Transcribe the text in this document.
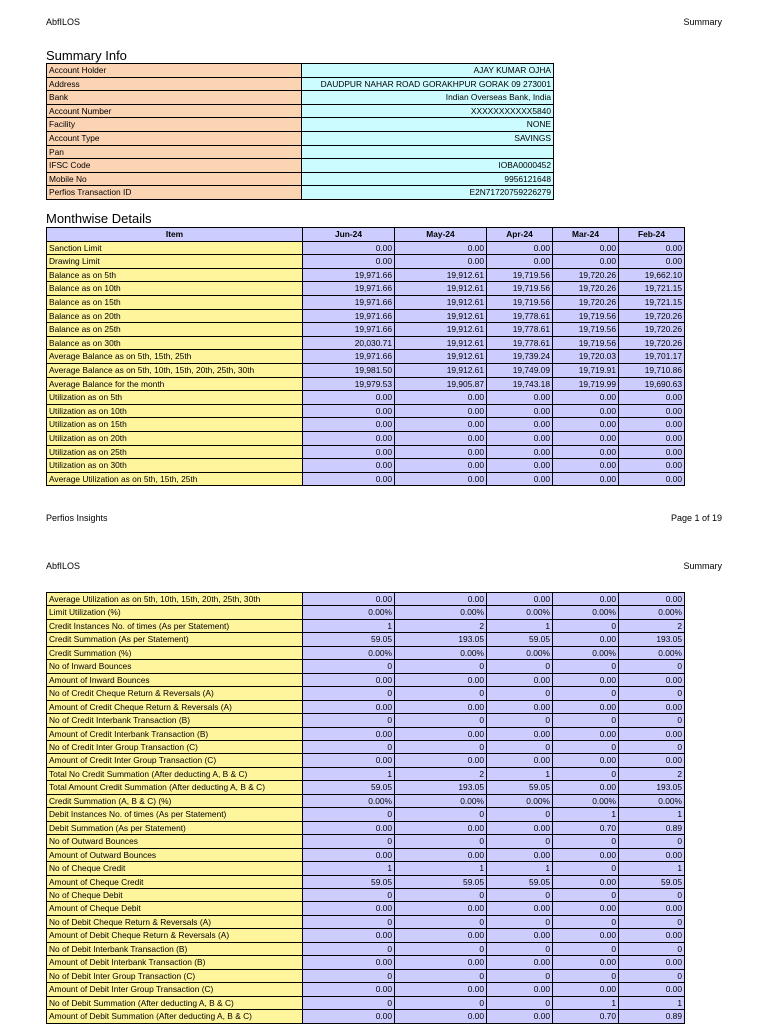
AbfILOS	Summary
Summary Info
Account Holder	AJAY KUMAR OJHA
Address	DAUDPUR NAHAR ROAD GORAKHPUR GORAK 09 273001
Bank	Indian Overseas Bank, India
Account Number	XXXXXXXXXXX5840
Facility	NONE
Account Type	SAVINGS
Pan	
IFSC Code	IOBA0000452
Mobile No	9956121648
Perfios Transaction ID	E2N71720759226279
Monthwise Details
Item	Jun-24	May-24	Apr-24	Mar-24	Feb-24
Sanction Limit	0.00	0.00	0.00	0.00	0.00
Drawing Limit	0.00	0.00	0.00	0.00	0.00
Balance as on 5th	19,971.66	19,912.61	19,719.56	19,720.26	19,662.10
Balance as on 10th	19,971.66	19,912.61	19,719.56	19,720.26	19,721.15
Balance as on 15th	19,971.66	19,912.61	19,719.56	19,720.26	19,721.15
Balance as on 20th	19,971.66	19,912.61	19,778.61	19,719.56	19,720.26
Balance as on 25th	19,971.66	19,912.61	19,778.61	19,719.56	19,720.26
Balance as on 30th	20,030.71	19,912.61	19,778.61	19,719.56	19,720.26
Average Balance as on 5th, 15th, 25th	19,971.66	19,912.61	19,739.24	19,720.03	19,701.17
Average Balance as on 5th, 10th, 15th, 20th, 25th, 30th	19,981.50	19,912.61	19,749.09	19,719.91	19,710.86
Average Balance for the month	19,979.53	19,905.87	19,743.18	19,719.99	19,690.63
Utilization as on 5th	0.00	0.00	0.00	0.00	0.00
Utilization as on 10th	0.00	0.00	0.00	0.00	0.00
Utilization as on 15th	0.00	0.00	0.00	0.00	0.00
Utilization as on 20th	0.00	0.00	0.00	0.00	0.00
Utilization as on 25th	0.00	0.00	0.00	0.00	0.00
Utilization as on 30th	0.00	0.00	0.00	0.00	0.00
Average Utilization as on 5th, 15th, 25th	0.00	0.00	0.00	0.00	0.00
Perfios Insights	Page 1 of 19
AbfILOS	Summary
Average Utilization as on 5th, 10th, 15th, 20th, 25th, 30th	0.00	0.00	0.00	0.00	0.00
Limit Utilization (%)	0.00%	0.00%	0.00%	0.00%	0.00%
Credit Instances No. of times (As per Statement)	1	2	1	0	2
Credit Summation (As per Statement)	59.05	193.05	59.05	0.00	193.05
Credit Summation (%)	0.00%	0.00%	0.00%	0.00%	0.00%
No of Inward Bounces	0	0	0	0	0
Amount of Inward Bounces	0.00	0.00	0.00	0.00	0.00
No of Credit Cheque Return & Reversals (A)	0	0	0	0	0
Amount of Credit Cheque Return & Reversals (A)	0.00	0.00	0.00	0.00	0.00
No of Credit Interbank Transaction (B)	0	0	0	0	0
Amount of Credit Interbank Transaction (B)	0.00	0.00	0.00	0.00	0.00
No of Credit Inter Group Transaction (C)	0	0	0	0	0
Amount of Credit Inter Group Transaction (C)	0.00	0.00	0.00	0.00	0.00
Total No Credit Summation (After deducting A, B & C)	1	2	1	0	2
Total Amount Credit Summation (After deducting A, B & C)	59.05	193.05	59.05	0.00	193.05
Credit Summation (A, B & C) (%)	0.00%	0.00%	0.00%	0.00%	0.00%
Debit Instances No. of times (As per Statement)	0	0	0	1	1
Debit Summation (As per Statement)	0.00	0.00	0.00	0.70	0.89
No of Outward Bounces	0	0	0	0	0
Amount of Outward Bounces	0.00	0.00	0.00	0.00	0.00
No of Cheque Credit	1	1	1	0	1
Amount of Cheque Credit	59.05	59.05	59.05	0.00	59.05
No of Cheque Debit	0	0	0	0	0
Amount of Cheque Debit	0.00	0.00	0.00	0.00	0.00
No of Debit Cheque Return & Reversals (A)	0	0	0	0	0
Amount of Debit Cheque Return & Reversals (A)	0.00	0.00	0.00	0.00	0.00
No of Debit Interbank Transaction (B)	0	0	0	0	0
Amount of Debit Interbank Transaction (B)	0.00	0.00	0.00	0.00	0.00
No of Debit Inter Group Transaction (C)	0	0	0	0	0
Amount of Debit Inter Group Transaction (C)	0.00	0.00	0.00	0.00	0.00
No of Debit Summation (After deducting A, B & C)	0	0	0	1	1
Amount of Debit Summation (After deducting A, B & C)	0.00	0.00	0.00	0.70	0.89
